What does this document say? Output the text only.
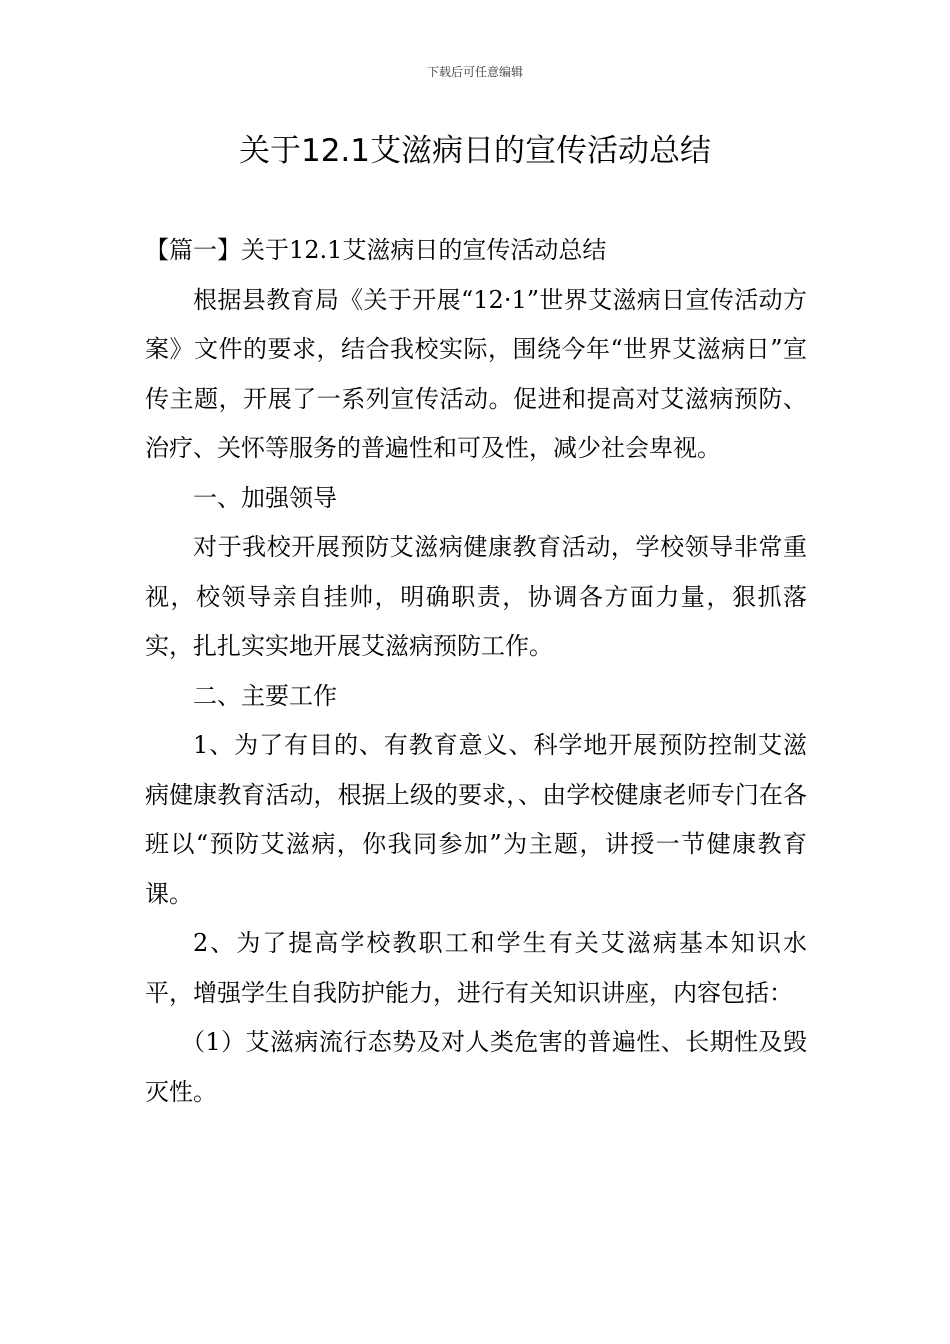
下载后可任意编辑
关于12.1艾滋病日的宣传活动总结

【篇一】关于12.1艾滋病日的宣传活动总结

根据县教育局《关于开展“12·1”世界艾滋病日宣传活动方案》文件的要求，结合我校实际，围绕今年“世界艾滋病日”宣传主题，开展了一系列宣传活动。促进和提高对艾滋病预防、治疗、关怀等服务的普遍性和可及性，减少社会卑视。

一、加强领导

对于我校开展预防艾滋病健康教育活动，学校领导非常重视，校领导亲自挂帅，明确职责，协调各方面力量，狠抓落实，扎扎实实地开展艾滋病预防工作。

二、主要工作

1、为了有目的、有教育意义、科学地开展预防控制艾滋病健康教育活动，根据上级的要求，、由学校健康老师专门在各班以“预防艾滋病，你我同参加”为主题，讲授一节健康教育课。

2、为了提高学校教职工和学生有关艾滋病基本知识水平，增强学生自我防护能力，进行有关知识讲座，内容包括：

（1）艾滋病流行态势及对人类危害的普遍性、长期性及毁灭性。
